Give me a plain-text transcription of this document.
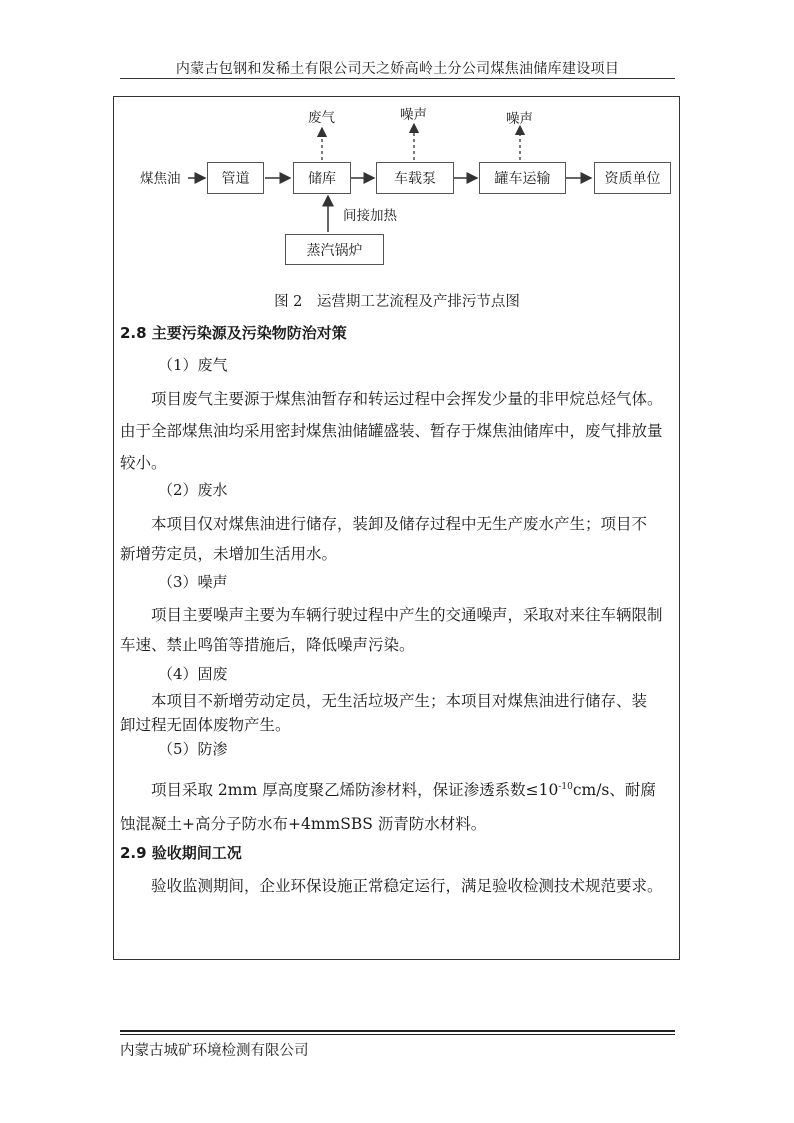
内蒙古包钢和发稀土有限公司天之娇高岭土分公司煤焦油储库建设项目
煤焦油	管道	储库	车载泵	罐车运输	资质单位
蒸汽锅炉
间接加热
废气	噪声	噪声
图 2　运营期工艺流程及产排污节点图
2.8 主要污染源及污染物防治对策
（1）废气
项目废气主要源于煤焦油暂存和转运过程中会挥发少量的非甲烷总烃气体。
由于全部煤焦油均采用密封煤焦油储罐盛装、暂存于煤焦油储库中，废气排放量
较小。
（2）废水
本项目仅对煤焦油进行储存，装卸及储存过程中无生产废水产生；项目不
新增劳定员，未增加生活用水。
（3）噪声
项目主要噪声主要为车辆行驶过程中产生的交通噪声，采取对来往车辆限制
车速、禁止鸣笛等措施后，降低噪声污染。
（4）固废
本项目不新增劳动定员，无生活垃圾产生；本项目对煤焦油进行储存、装
卸过程无固体废物产生。
（5）防渗
项目采取 2mm 厚高度聚乙烯防渗材料，保证渗透系数$\le 10^{-10}cm/s$、耐腐
蚀混凝土+高分子防水布+4mmSBS 沥青防水材料。
2.9 验收期间工况
验收监测期间，企业环保设施正常稳定运行，满足验收检测技术规范要求。
内蒙古城矿环境检测有限公司
